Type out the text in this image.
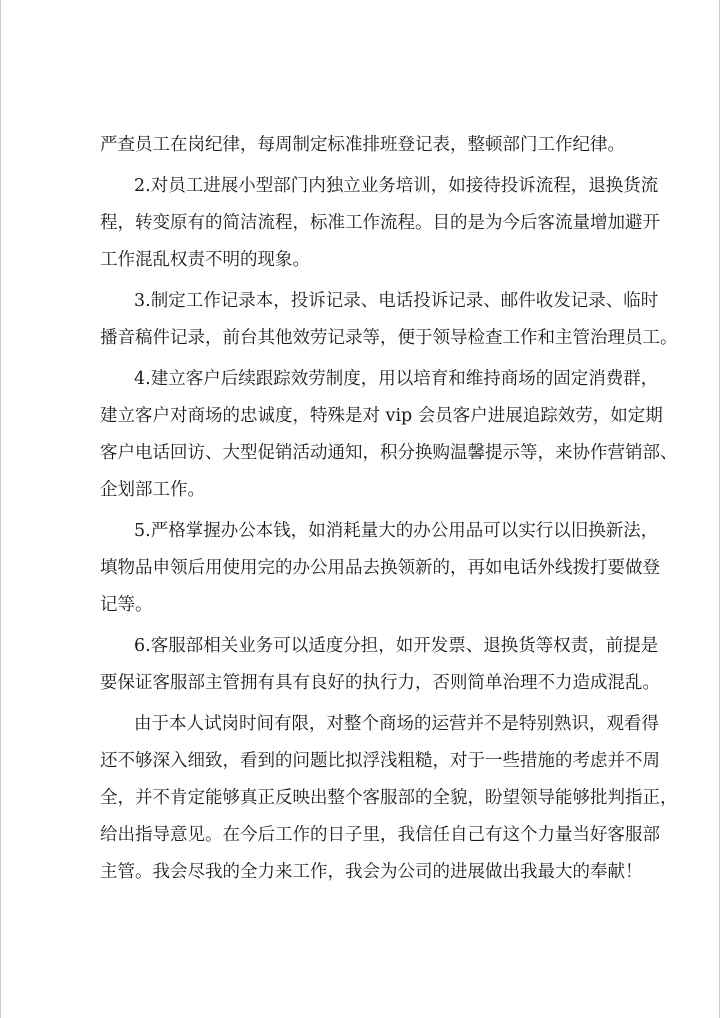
严查员工在岗纪律，每周制定标准排班登记表，整顿部门工作纪律。
2.对员工进展小型部门内独立业务培训，如接待投诉流程，退换货流
程，转变原有的简洁流程，标准工作流程。目的是为今后客流量增加避开
工作混乱权责不明的现象。
3.制定工作记录本，投诉记录、电话投诉记录、邮件收发记录、临时
播音稿件记录，前台其他效劳记录等，便于领导检查工作和主管治理员工。
4.建立客户后续跟踪效劳制度，用以培育和维持商场的固定消费群，
建立客户对商场的忠诚度，特殊是对 vip 会员客户进展追踪效劳，如定期
客户电话回访、大型促销活动通知，积分换购温馨提示等，来协作营销部、
企划部工作。
5.严格掌握办公本钱，如消耗量大的办公用品可以实行以旧换新法，
填物品申领后用使用完的办公用品去换领新的，再如电话外线拨打要做登
记等。
6.客服部相关业务可以适度分担，如开发票、退换货等权责，前提是
要保证客服部主管拥有具有良好的执行力，否则简单治理不力造成混乱。
由于本人试岗时间有限，对整个商场的运营并不是特别熟识，观看得
还不够深入细致，看到的问题比拟浮浅粗糙，对于一些措施的考虑并不周
全，并不肯定能够真正反映出整个客服部的全貌，盼望领导能够批判指正，
给出指导意见。在今后工作的日子里，我信任自己有这个力量当好客服部
主管。我会尽我的全力来工作，我会为公司的进展做出我最大的奉献！
